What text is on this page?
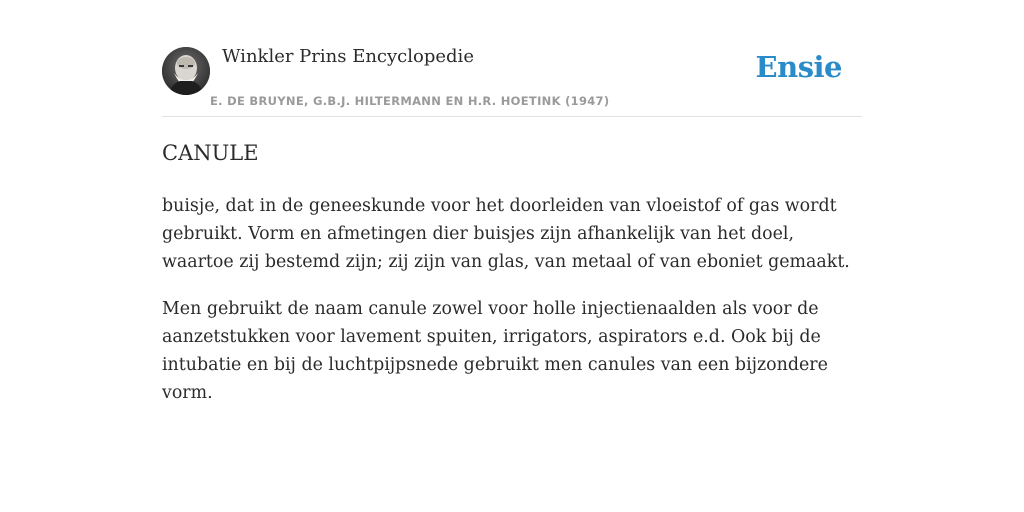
Winkler Prins Encyclopedie
E. DE BRUYNE, G.B.J. HILTERMANN EN H.R. HOETINK (1947)
Ensie
CANULE

buisje, dat in de geneeskunde voor het doorleiden van vloeistof of gas wordt gebruikt. Vorm en afmetingen dier buisjes zijn afhankelijk van het doel, waartoe zij bestemd zijn; zij zijn van glas, van metaal of van eboniet gemaakt.

Men gebruikt de naam canule zowel voor holle injectienaalden als voor de aanzetstukken voor lavement spuiten, irrigators, aspirators e.d. Ook bij de intubatie en bij de luchtpijpsnede gebruikt men canules van een bijzondere vorm.
